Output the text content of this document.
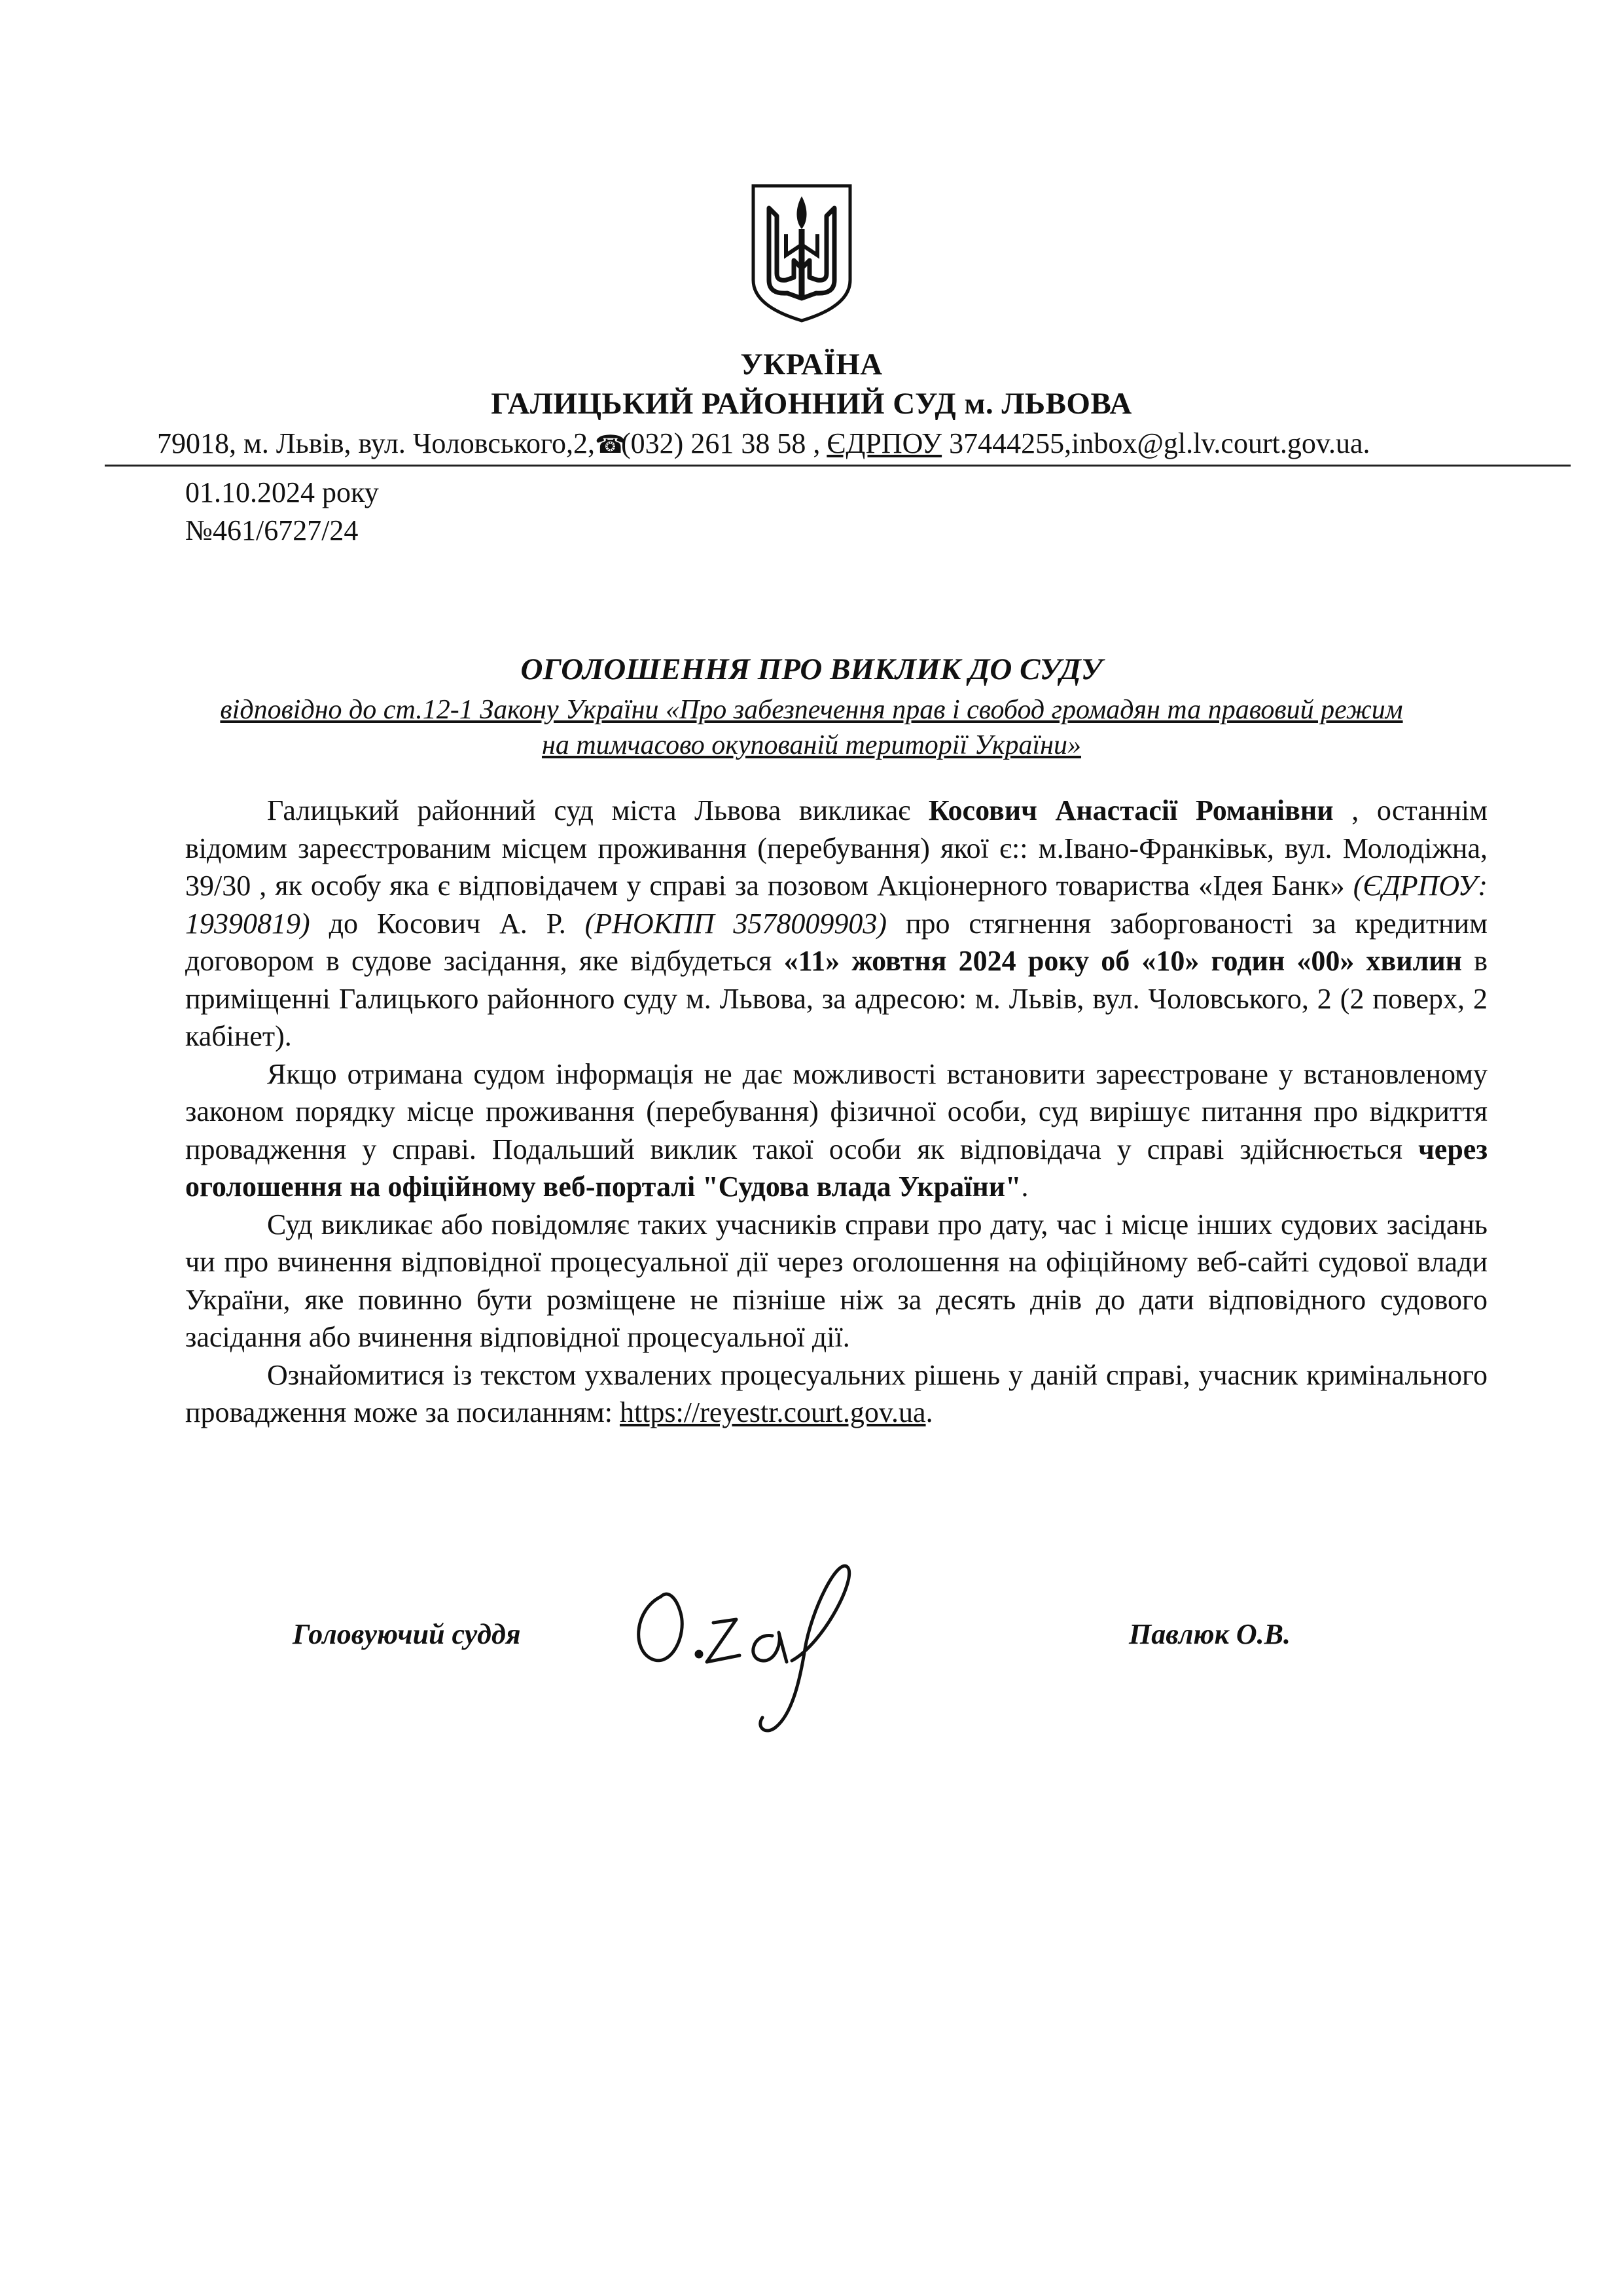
УКРАЇНА
ГАЛИЦЬКИЙ РАЙОННИЙ СУД м. ЛЬВОВА
79018, м. Львів, вул. Чоловського,2,☎(032) 261 38 58 , ЄДРПОУ 37444255,inbox@gl.lv.court.gov.ua.
01.10.2024 року
№461/6727/24
ОГОЛОШЕННЯ ПРО ВИКЛИК ДО СУДУ
відповідно до ст.12-1 Закону України «Про забезпечення прав і свобод громадян та правовий режим
на тимчасово окупованій території України»

Галицький районний суд міста Львова викликає Косович Анастасії Романівни , останнім відомим зареєстрованим місцем проживання (перебування) якої є:: м.Івано-Франківьк, вул. Молодіжна, 39/30 , як особу яка є відповідачем у справі за позовом Акціонерного товариства «Ідея Банк» (ЄДРПОУ: 19390819) до Косович А. Р. (РНОКПП 3578009903) про стягнення заборгованості за кредитним договором в судове засідання, яке відбудеться «11» жовтня 2024 року об «10» годин «00» хвилин в приміщенні Галицького районного суду м. Львова, за адресою: м. Львів, вул. Чоловського, 2 (2 поверх, 2 кабінет).

Якщо отримана судом інформація не дає можливості встановити зареєстроване у встановленому законом порядку місце проживання (перебування) фізичної особи, суд вирішує питання про відкриття провадження у справі. Подальший виклик такої особи як відповідача у справі здійснюється через оголошення на офіційному веб-порталі "Судова влада України".

Суд викликає або повідомляє таких учасників справи про дату, час і місце інших судових засідань чи про вчинення відповідної процесуальної дії через оголошення на офіційному веб-сайті судової влади України, яке повинно бути розміщене не пізніше ніж за десять днів до дати відповідного судового засідання або вчинення відповідної процесуальної дії.

Ознайомитися із текстом ухвалених процесуальних рішень у даній справі, учасник кримінального провадження може за посиланням: https://reyestr.court.gov.ua.

Головуючий суддя	Павлюк О.В.
